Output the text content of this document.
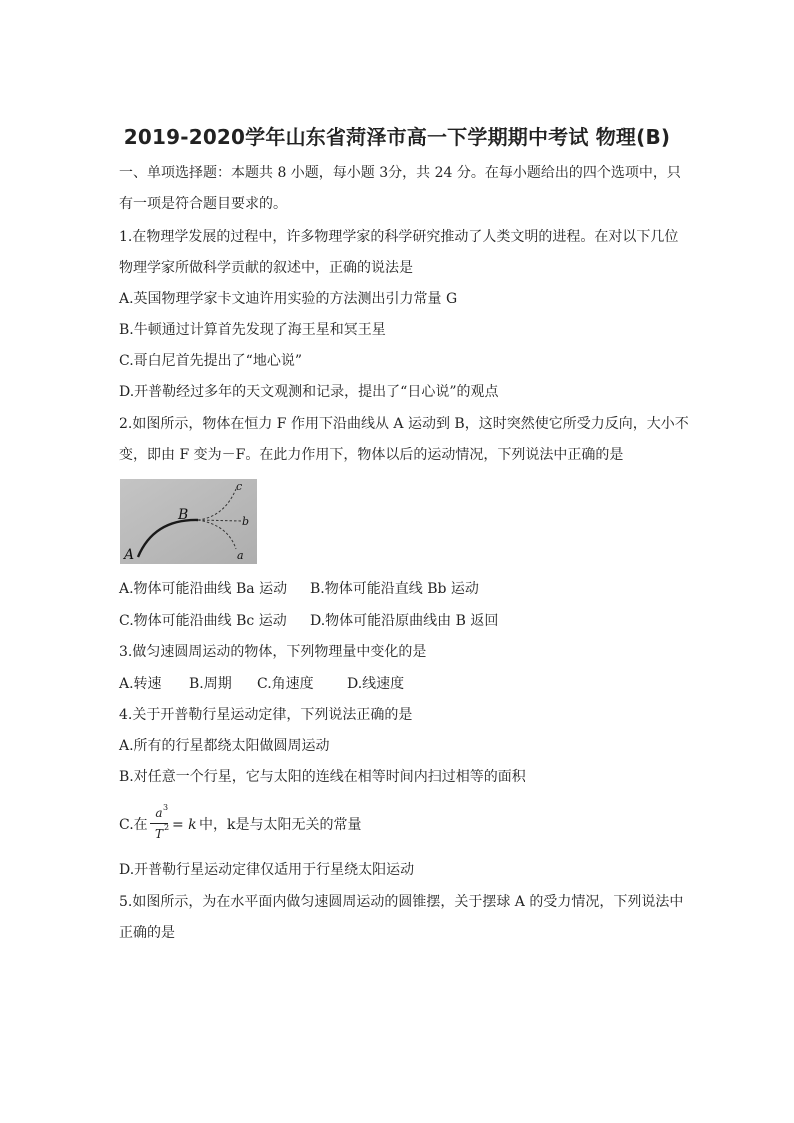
2019-2020学年山东省菏泽市高一下学期期中考试 物理(B)
一、单项选择题：本题共 8 小题，每小题 3分，共 24 分。在每小题给出的四个选项中，只
有一项是符合题目要求的。
1.在物理学发展的过程中，许多物理学家的科学研究推动了人类文明的进程。在对以下几位
物理学家所做科学贡献的叙述中，正确的说法是
A.英国物理学家卡文迪许用实验的方法测出引力常量 G
B.牛顿通过计算首先发现了海王星和冥王星
C.哥白尼首先提出了“地心说”
D.开普勒经过多年的天文观测和记录，提出了“日心说”的观点
2.如图所示，物体在恒力 F 作用下沿曲线从 A 运动到 B，这时突然使它所受力反向，大小不
变，即由 F 变为－F。在此力作用下，物体以后的运动情况，下列说法中正确的是
A
B
c
b
a
A.物体可能沿曲线 Ba 运动 B.物体可能沿直线 Bb 运动
C.物体可能沿曲线 Bc 运动 D.物体可能沿原曲线由 B 返回
3.做匀速圆周运动的物体，下列物理量中变化的是
A.转速 B.周期 C.角速度 D.线速度
4.关于开普勒行星运动定律，下列说法正确的是
A.所有的行星都绕太阳做圆周运动
B.对任意一个行星，它与太阳的连线在相等时间内扫过相等的面积
C.在
a 3
T 2 = k 中，k是与太阳无关的常量
D.开普勒行星运动定律仅适用于行星绕太阳运动
5.如图所示，为在水平面内做匀速圆周运动的圆锥摆，关于摆球 A 的受力情况，下列说法中
正确的是
